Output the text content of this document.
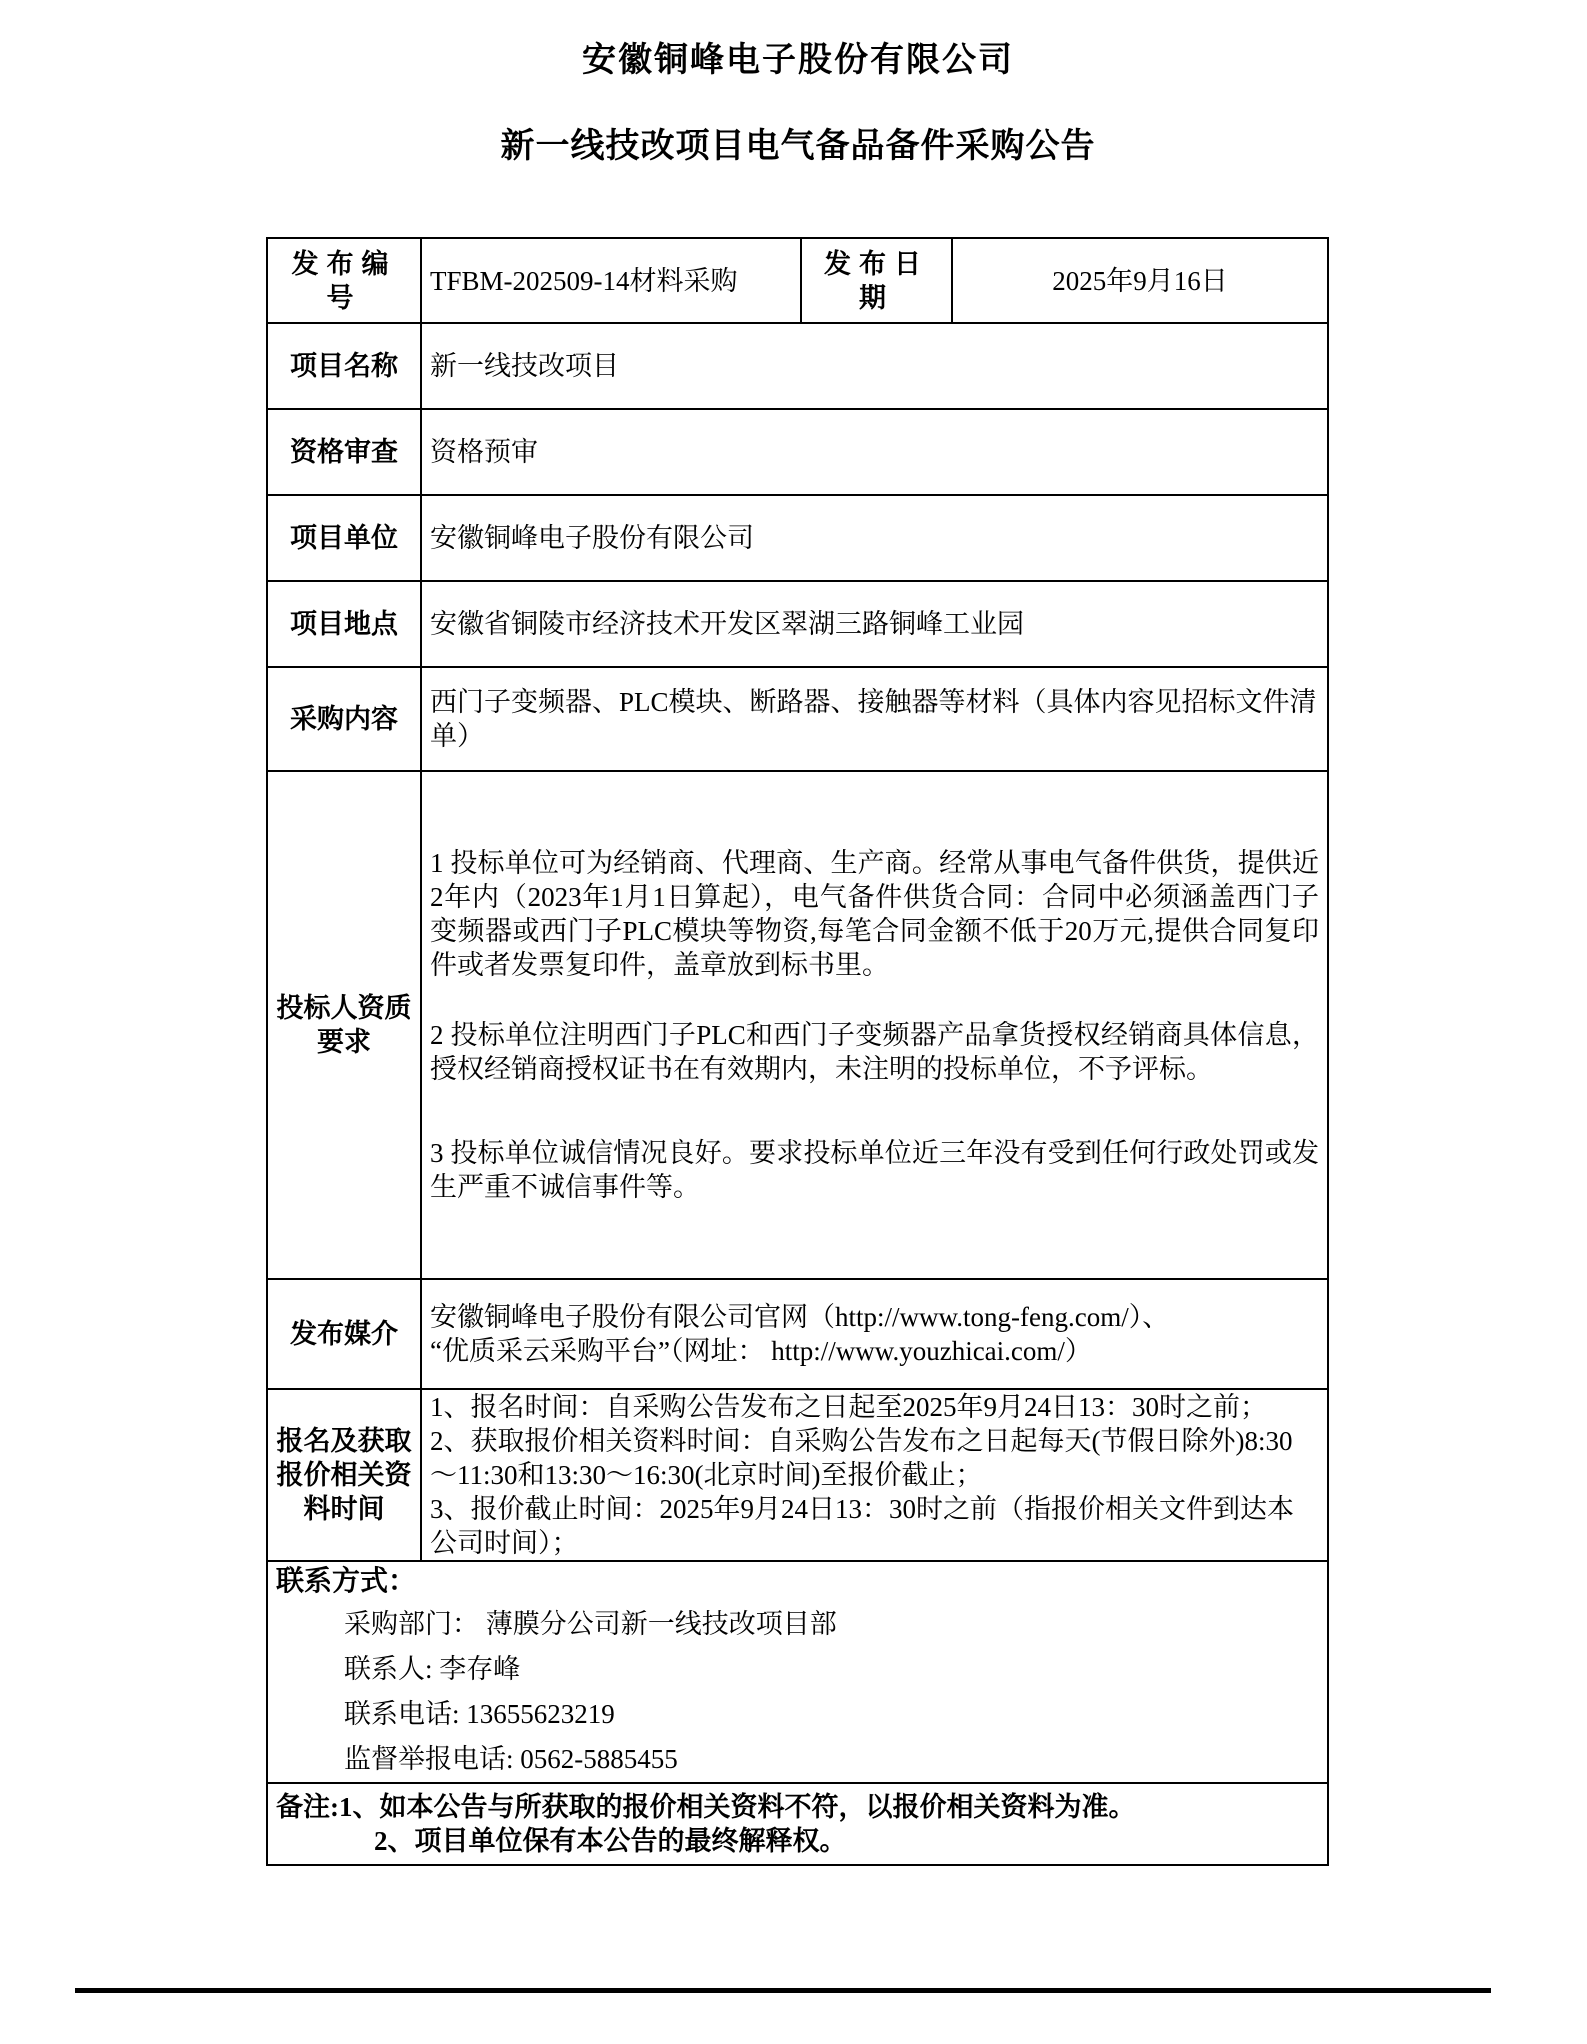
安徽铜峰电子股份有限公司
新一线技改项目电气备品备件采购公告
发布编号	TFBM-202509-14材料采购	发布日期	2025年9月16日
项目名称	新一线技改项目		
资格审查	资格预审		
项目单位	安徽铜峰电子股份有限公司		
项目地点	安徽省铜陵市经济技术开发区翠湖三路铜峰工业园		
采购内容	西门子变频器、PLC模块、断路器、接触器等材料（具体内容见招标文件清单）		
投标人资质要求	1 投标单位可为经销商、代理商、生产商。经常从事电气备件供货，提供近2年内（2023年1月1日算起），电气备件供货合同：合同中必须涵盖西门子变频器或西门子PLC模块等物资,每笔合同金额不低于20万元,提供合同复印件或者发票复印件，盖章放到标书里。

2 投标单位注明西门子PLC和西门子变频器产品拿货授权经销商具体信息，授权经销商授权证书在有效期内，未注明的投标单位，不予评标。

3 投标单位诚信情况良好。要求投标单位近三年没有受到任何行政处罚或发生严重不诚信事件等。		

发布媒介	安徽铜峰电子股份有限公司官网（http://www.tong-feng.com/）、
“优质采云采购平台”（网址： http://www.youzhicai.com/）		

报名及获取报价相关资料时间	1、报名时间：自采购公告发布之日起至2025年9月24日13：30时之前；
2、获取报价相关资料时间：自采购公告发布之日起每天(节假日除外)8:30～11:30和13:30～16:30(北京时间)至报价截止；
3、报价截止时间：2025年9月24日13：30时之前（指报价相关文件到达本公司时间）；		

联系方式：
采购部门： 薄膜分公司新一线技改项目部
联系人: 李存峰
联系电话: 13655623219
监督举报电话: 0562-5885455			

备注: 1、如本公告与所获取的报价相关资料不符，以报价相关资料为准。
2、项目单位保有本公告的最终解释权。			
